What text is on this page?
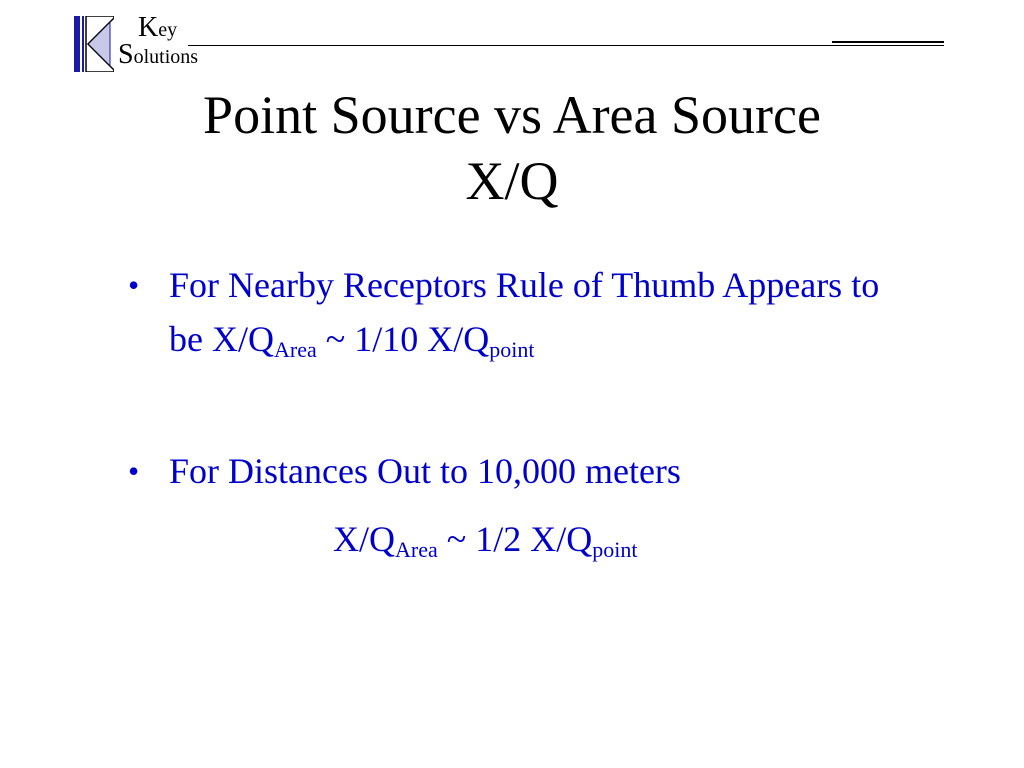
Key
Solutions
Point Source vs Area Source
X/Q
• For Nearby Receptors Rule of Thumb Appears to be $X/Q_{Area}$ ~ 1/10 $X/Q_{point}$
• For Distances Out to 10,000 meters
$X/Q_{Area}$ ~ 1/2 $X/Q_{point}$
